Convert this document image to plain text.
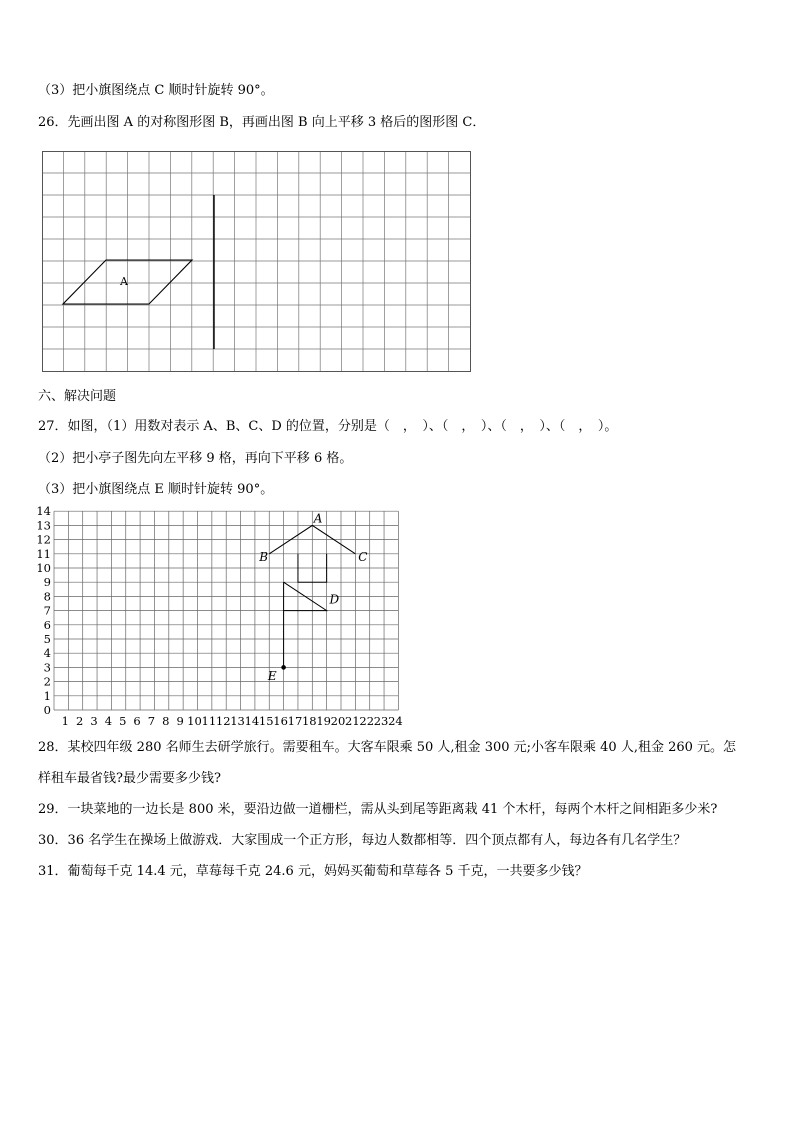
（3）把小旗图绕点 C 顺时针旋转 90°。
26．先画出图 A 的对称图形图 B，再画出图 B 向上平移 3 格后的图形图 C．
A
六、解决问题
27．如图，（1）用数对表示 A、B、C、D 的位置，分别是（　，　）、（　，　）、（　，　）、（　，　）。
（2）把小亭子图先向左平移 9 格，再向下平移 6 格。
（3）把小旗图绕点 E 顺时针旋转 90°。
1 2 3 4 5 6 7 8 9 10 11 12 13 14 15 16 17 18 19 20 21 22 23 24
0
1
2
3
4
5
6
7
8
9
10
11
12
13
14
A
B	C
D
E
28．某校四年级 280 名师生去研学旅行。需要租车。大客车限乘 50 人,租金 300 元;小客车限乘 40 人,租金 260 元。怎
样租车最省钱?最少需要多少钱?
29．一块菜地的一边长是 800 米，要沿边做一道栅栏，需从头到尾等距离栽 41 个木杆，每两个木杆之间相距多少米?
30．36 名学生在操场上做游戏．大家围成一个正方形，每边人数都相等．四个顶点都有人，每边各有几名学生？
31．葡萄每千克 14.4 元，草莓每千克 24.6 元，妈妈买葡萄和草莓各 5 千克，一共要多少钱？
